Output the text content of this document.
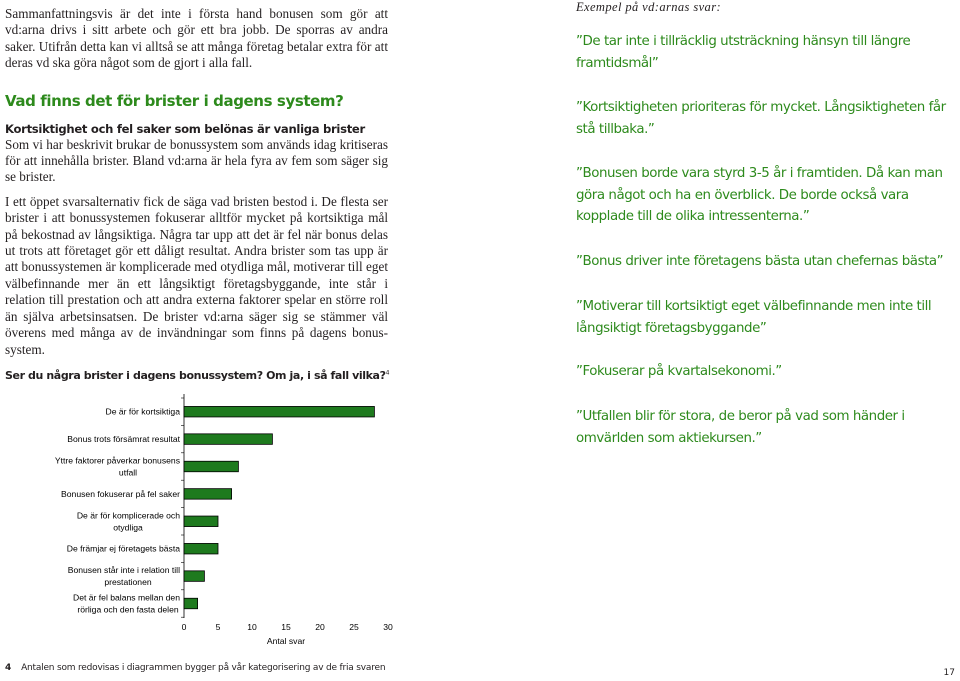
Sammanfattningsvis är det inte i första hand bonusen som gör att vd:arna drivs i sitt arbete och gör ett bra jobb. De sporras av andra saker. Utifrån detta kan vi alltså se att många företag betalar extra för att deras vd ska göra något som de gjort i alla fall.

Vad finns det för brister i dagens system?
Kortsiktighet och fel saker som belönas är vanliga brister

Som vi har beskrivit brukar de bonussystem som används idag kritiseras för att innehålla brister. Bland vd:arna är hela fyra av fem som säger sig se brister.

I ett öppet svarsalternativ fick de säga vad bristen bestod i. De flesta ser brister i att bonussystemen fokuserar alltför mycket på kortsiktiga mål på bekostnad av långsiktiga. Några tar upp att det är fel när bonus delas ut trots att företaget gör ett dåligt resultat. Andra brister som tas upp är att bonussystemen är komplicerade med otydliga mål, motiverar till eget välbefinnande mer än ett långsiktigt företagsbyggande, inte står i relation till prestation och att andra externa faktorer spelar en större roll än själva arbetsinsatsen. De brister vd:arna säger sig se stämmer väl överens med många av de invändningar som finns på dagens bonus-system.

Ser du några brister i dagens bonussystem? Om ja, i så fall vilka?$^4$
De är för kortsiktiga
Bonus trots försämrat resultat
Yttre faktorer påverkar bonusens utfall
Bonusen fokuserar på fel saker
De är för komplicerade och otydliga
De främjar ej företagets bästa
Bonusen står inte i relation till prestationen
Det är fel balans mellan den rörliga och den fasta delen
0	5	10	15	20	25	30
Antal svar

Exempel på vd:arnas svar:

”De tar inte i tillräcklig utsträckning hänsyn till längre framtidsmål”

”Kortsiktigheten prioriteras för mycket. Långsiktigheten får stå tillbaka.”

”Bonusen borde vara styrd 3-5 år i framtiden. Då kan man göra något och ha en överblick. De borde också vara kopplade till de olika intressenterna.”

”Bonus driver inte företagens bästa utan chefernas bästa”

”Motiverar till kortsiktigt eget välbefinnande men inte till långsiktigt företagsbyggande”

”Fokuserar på kvartalsekonomi.”

”Utfallen blir för stora, de beror på vad som händer i omvärlden som aktiekursen.”

4 Antalen som redovisas i diagrammen bygger på vår kategorisering av de fria svaren	17
